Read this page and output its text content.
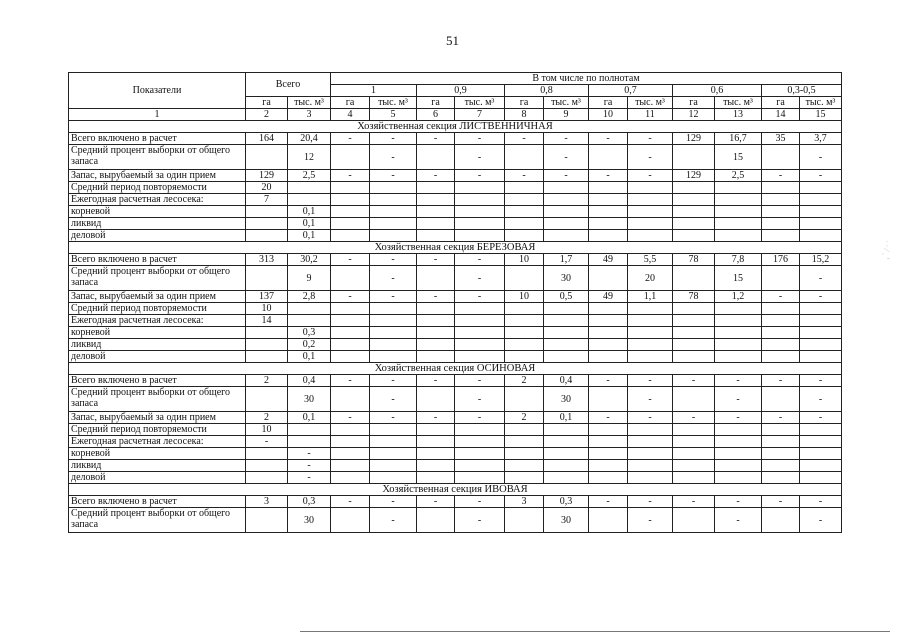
51
Показатели	Всего		В том числе по полнотам											
			1		0,9		0,8		0,7		0,6		0,3-0,5	
	га	тыс. м³	га	тыс. м³	га	тыс. м³	га	тыс. м³	га	тыс. м³	га	тыс. м³	га	тыс. м³
1	2	3	4	5	6	7	8	9	10	11	12	13	14	15
Хозяйственная секция ЛИСТВЕННИЧНАЯ														
Всего включено в расчет	164	20,4	-	-	-	-	-	-	-	-	129	16,7	35	3,7
Средний процент выборки от общего запаса		12		-		-		-		-		15		-
Запас, вырубаемый за один прием	129	2,5	-	-	-	-	-	-	-	-	129	2,5	-	-
Средний период повторяемости	20													
Ежегодная расчетная лесосека:	7													
корневой		0,1												
ликвид		0,1												
деловой		0,1												
Хозяйственная секция БЕРЕЗОВАЯ														
Всего включено в расчет	313	30,2	-	-	-	-	10	1,7	49	5,5	78	7,8	176	15,2
Средний процент выборки от общего запаса		9		-		-		30		20		15		-
Запас, вырубаемый за один прием	137	2,8	-	-	-	-	10	0,5	49	1,1	78	1,2	-	-
Средний период повторяемости	10													
Ежегодная расчетная лесосека:	14													
корневой		0,3												
ликвид		0,2												
деловой		0,1												
Хозяйственная секция ОСИНОВАЯ														
Всего включено в расчет	2	0,4	-	-	-	-	2	0,4	-	-	-	-	-	-
Средний процент выборки от общего запаса		30		-		-		30		-		-		-
Запас, вырубаемый за один прием	2	0,1	-	-	-	-	2	0,1	-	-	-	-	-	-
Средний период повторяемости	10													
Ежегодная расчетная лесосека:	-													
корневой		-												
ликвид		-												
деловой		-												
Хозяйственная секция ИВОВАЯ														
Всего включено в расчет	3	0,3	-	-	-	-	3	0,3	-	-	-	-	-	-
Средний процент выборки от общего запаса		30		-		-		30		-		-		-
· · ⁄ ˎ ʻ
